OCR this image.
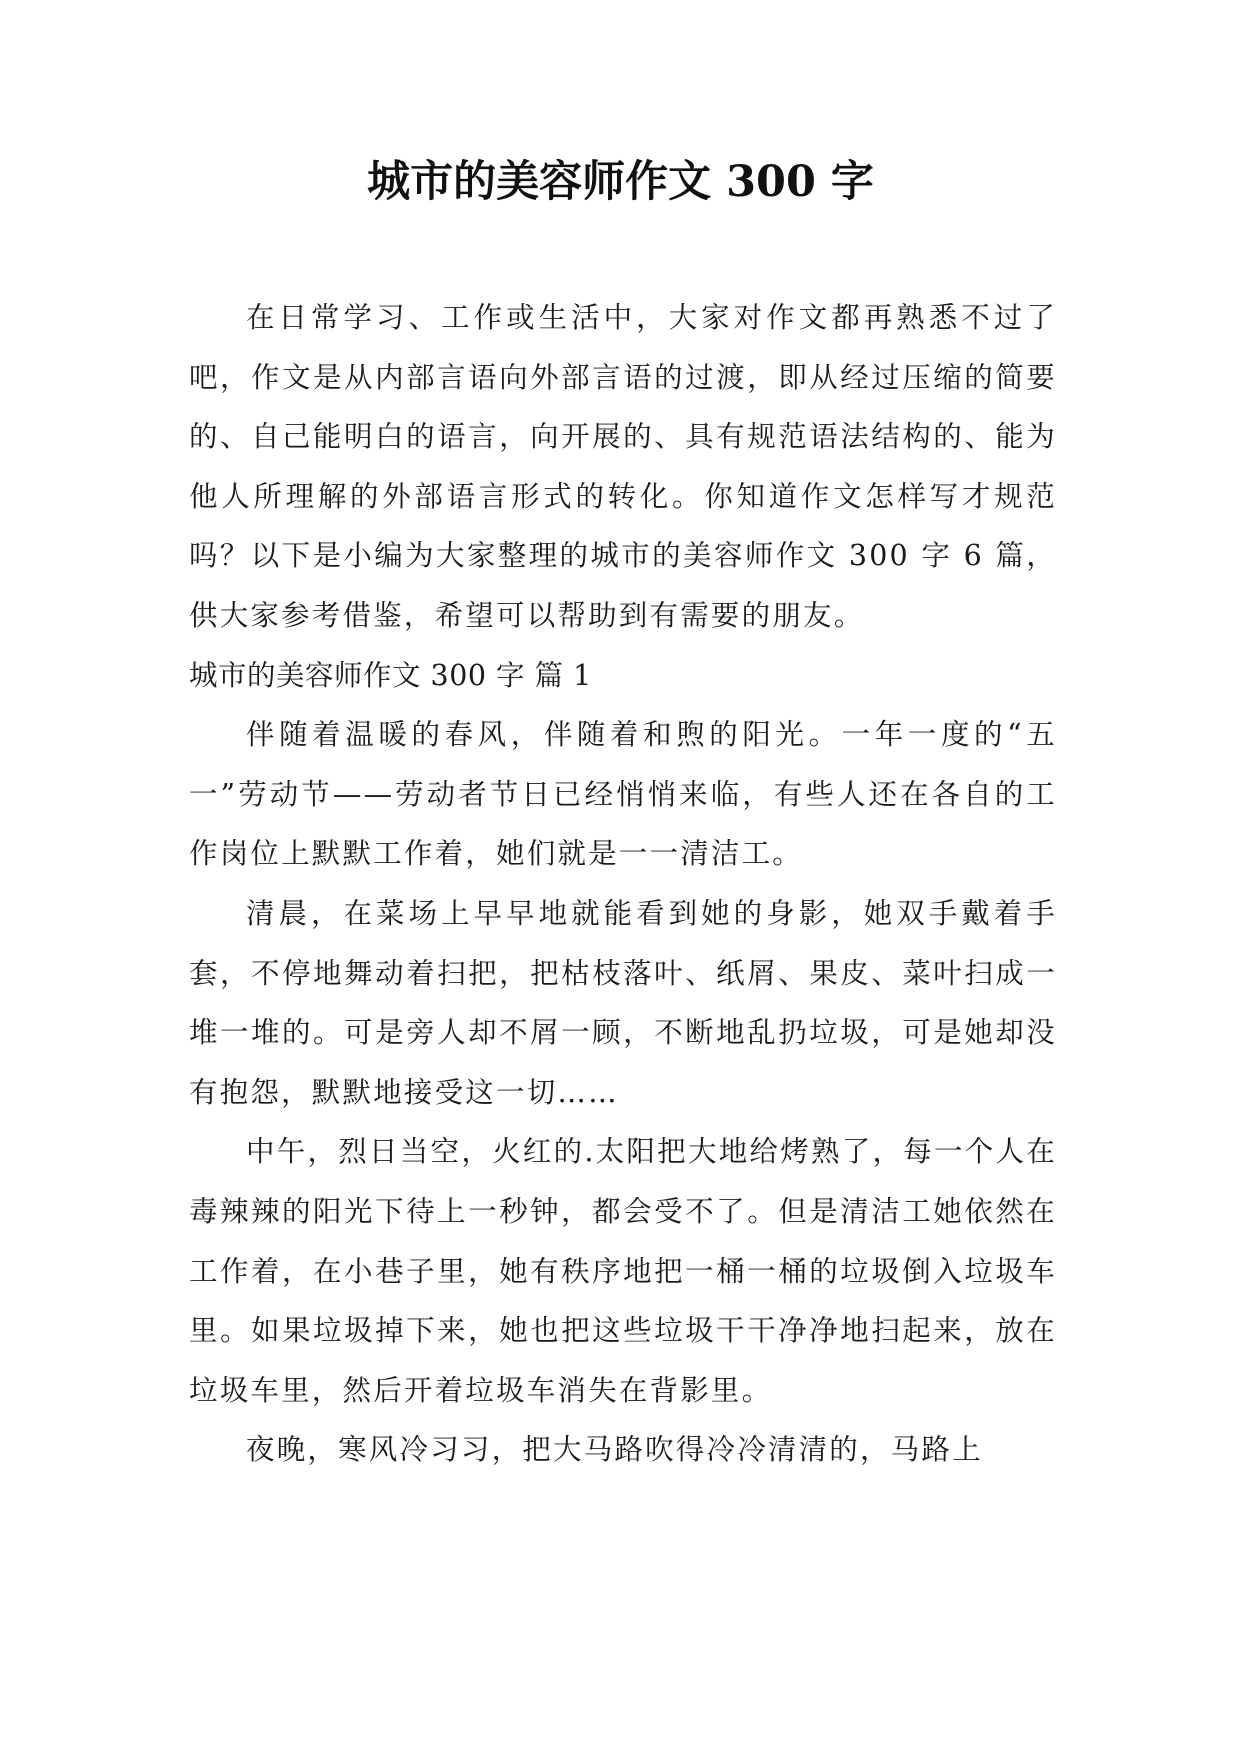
城市的美容师作文 300 字

在日常学习、工作或生活中，大家对作文都再熟悉不过了吧，作文是从内部言语向外部言语的过渡，即从经过压缩的简要的、自己能明白的语言，向开展的、具有规范语法结构的、能为他人所理解的外部语言形式的转化。你知道作文怎样写才规范吗？以下是小编为大家整理的城市的美容师作文 300 字 6 篇，供大家参考借鉴，希望可以帮助到有需要的朋友。

城市的美容师作文 300 字 篇 1

伴随着温暖的春风，伴随着和煦的阳光。一年一度的“五一”劳动节——劳动者节日已经悄悄来临，有些人还在各自的工作岗位上默默工作着，她们就是一一清洁工。

清晨，在菜场上早早地就能看到她的身影，她双手戴着手套，不停地舞动着扫把，把枯枝落叶、纸屑、果皮、菜叶扫成一堆一堆的。可是旁人却不屑一顾，不断地乱扔垃圾，可是她却没有抱怨，默默地接受这一切……

中午，烈日当空，火红的.太阳把大地给烤熟了，每一个人在毒辣辣的阳光下待上一秒钟，都会受不了。但是清洁工她依然在工作着，在小巷子里，她有秩序地把一桶一桶的垃圾倒入垃圾车里。如果垃圾掉下来，她也把这些垃圾干干净净地扫起来，放在垃圾车里，然后开着垃圾车消失在背影里。

夜晚，寒风冷习习，把大马路吹得冷冷清清的，马路上
